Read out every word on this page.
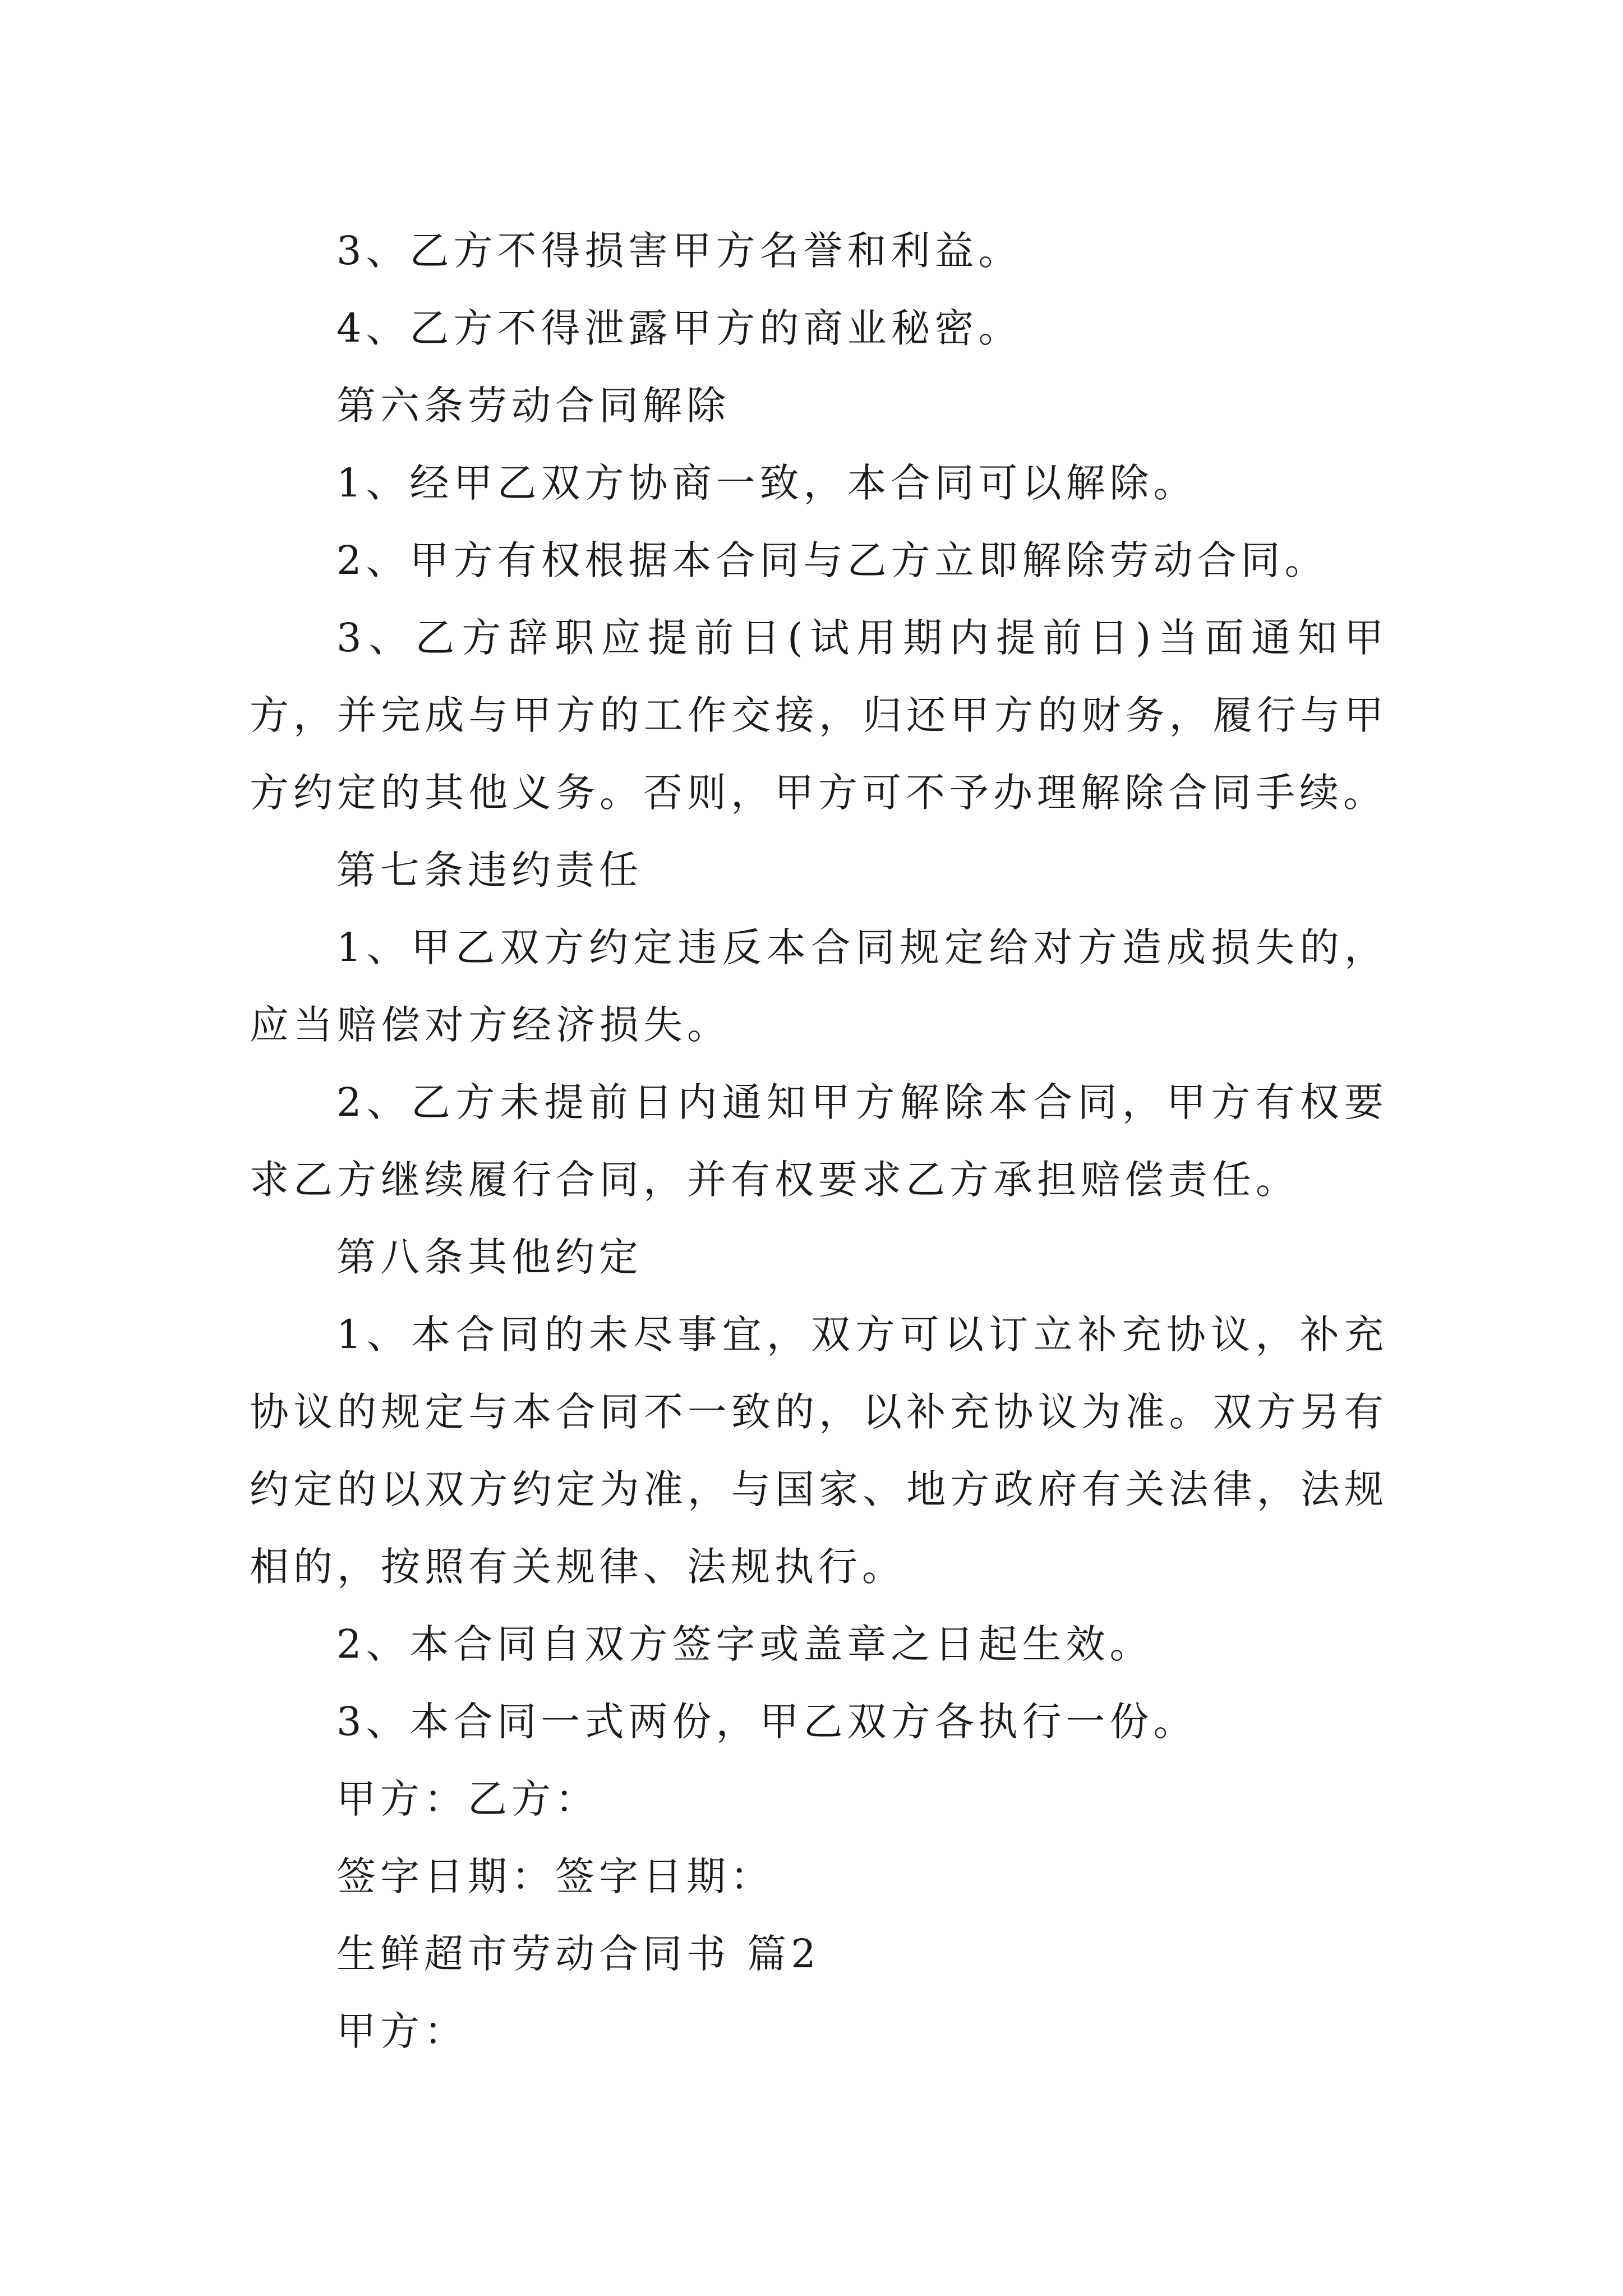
3、乙方不得损害甲方名誉和利益。

4、乙方不得泄露甲方的商业秘密。

第六条劳动合同解除

1、经甲乙双方协商一致，本合同可以解除。

2、甲方有权根据本合同与乙方立即解除劳动合同。

3、乙方辞职应提前日(试用期内提前日)当面通知甲方，并完成与甲方的工作交接，归还甲方的财务，履行与甲方约定的其他义务。否则，甲方可不予办理解除合同手续。

第七条违约责任

1、甲乙双方约定违反本合同规定给对方造成损失的，应当赔偿对方经济损失。

2、乙方未提前日内通知甲方解除本合同，甲方有权要求乙方继续履行合同，并有权要求乙方承担赔偿责任。

第八条其他约定

1、本合同的未尽事宜，双方可以订立补充协议，补充协议的规定与本合同不一致的，以补充协议为准。双方另有约定的以双方约定为准，与国家、地方政府有关法律，法规相的，按照有关规律、法规执行。

2、本合同自双方签字或盖章之日起生效。

3、本合同一式两份，甲乙双方各执行一份。

甲方：乙方：

签字日期：签字日期：

生鲜超市劳动合同书 篇2

甲方：
